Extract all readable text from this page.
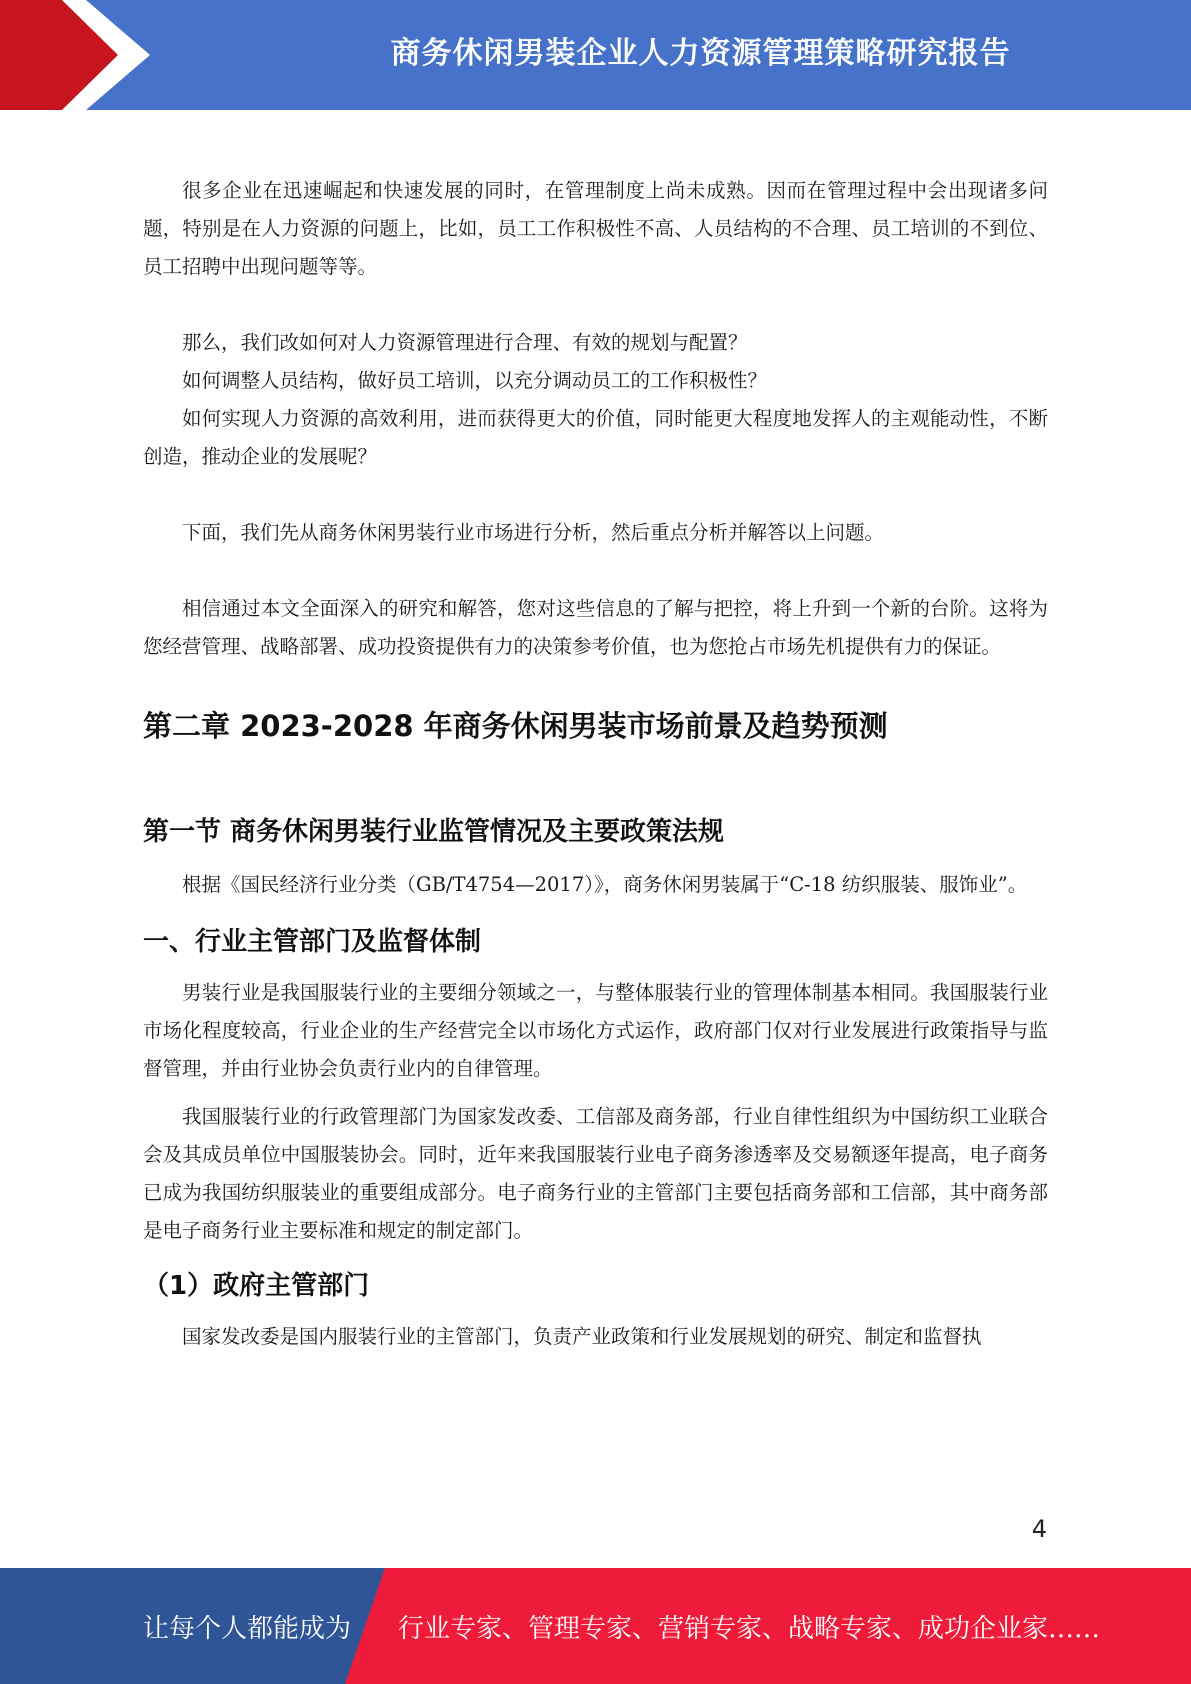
商务休闲男装企业人力资源管理策略研究报告

很多企业在迅速崛起和快速发展的同时，在管理制度上尚未成熟。因而在管理过程中会出现诸多问题，特别是在人力资源的问题上，比如，员工工作积极性不高、人员结构的不合理、员工培训的不到位、员工招聘中出现问题等等。

那么，我们改如何对人力资源管理进行合理、有效的规划与配置？

如何调整人员结构，做好员工培训，以充分调动员工的工作积极性？

如何实现人力资源的高效利用，进而获得更大的价值，同时能更大程度地发挥人的主观能动性，不断创造，推动企业的发展呢？

下面，我们先从商务休闲男装行业市场进行分析，然后重点分析并解答以上问题。

相信通过本文全面深入的研究和解答，您对这些信息的了解与把控，将上升到一个新的台阶。这将为您经营管理、战略部署、成功投资提供有力的决策参考价值，也为您抢占市场先机提供有力的保证。

第二章 2023-2028 年商务休闲男装市场前景及趋势预测
第一节 商务休闲男装行业监管情况及主要政策法规

根据《国民经济行业分类（GB/T4754—2017）》，商务休闲男装属于“C-18 纺织服装、服饰业”。

一、行业主管部门及监督体制

男装行业是我国服装行业的主要细分领域之一，与整体服装行业的管理体制基本相同。我国服装行业市场化程度较高，行业企业的生产经营完全以市场化方式运作，政府部门仅对行业发展进行政策指导与监督管理，并由行业协会负责行业内的自律管理。

我国服装行业的行政管理部门为国家发改委、工信部及商务部，行业自律性组织为中国纺织工业联合会及其成员单位中国服装协会。同时，近年来我国服装行业电子商务渗透率及交易额逐年提高，电子商务已成为我国纺织服装业的重要组成部分。电子商务行业的主管部门主要包括商务部和工信部，其中商务部是电子商务行业主要标准和规定的制定部门。

（1）政府主管部门

国家发改委是国内服装行业的主管部门，负责产业政策和行业发展规划的研究、制定和监督执

4
让每个人都能成为 行业专家、管理专家、营销专家、战略专家、成功企业家……
